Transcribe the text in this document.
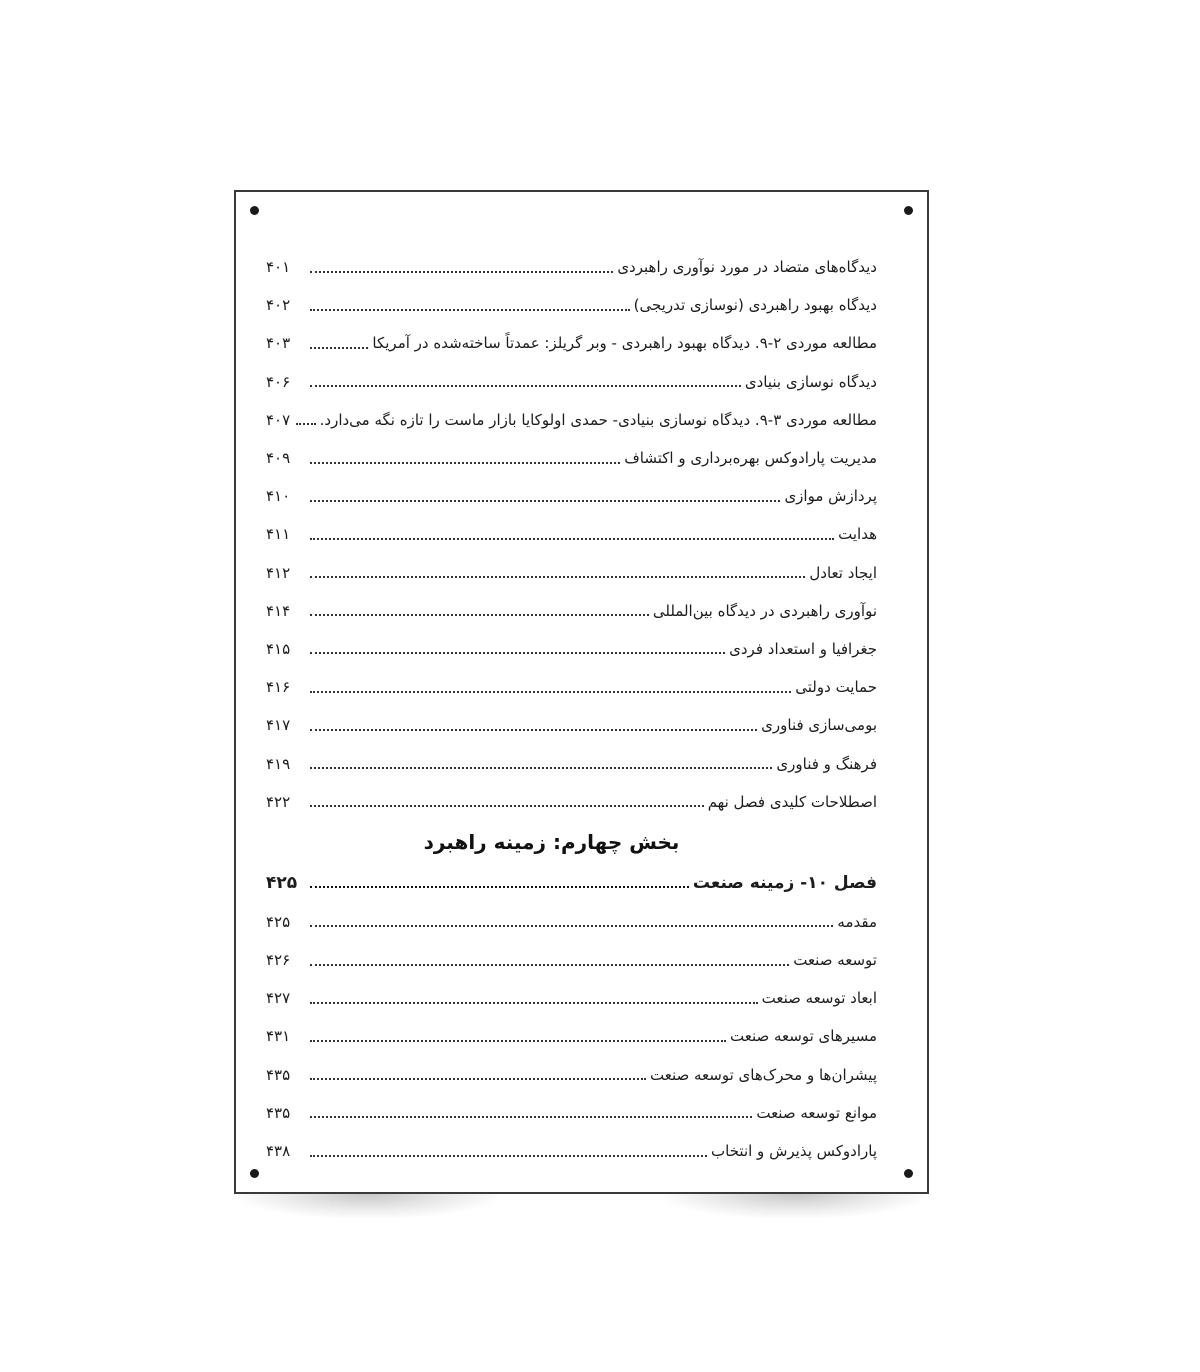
دیدگاه‌های متضاد در مورد نوآوری راهبردی
۴۰۱
دیدگاه بهبود راهبردی (نوسازی تدریجی)
۴۰۲
مطالعه موردی ۲-۹. دیدگاه بهبود راهبردی - وبر گریلز: عمدتاً ساخته‌شده در آمریکا
۴۰۳
دیدگاه نوسازی بنیادی
۴۰۶
مطالعه موردی ۳-۹. دیدگاه نوسازی بنیادی- حمدی اولوکایا بازار ماست را تازه نگه می‌دارد.
۴۰۷
مدیریت پارادوکس بهره‌برداری و اکتشاف
۴۰۹
پردازش موازی
۴۱۰
هدایت
۴۱۱
ایجاد تعادل
۴۱۲
نوآوری راهبردی در دیدگاه بین‌المللی
۴۱۴
جغرافیا و استعداد فردی
۴۱۵
حمایت دولتی
۴۱۶
بومی‌سازی فناوری
۴۱۷
فرهنگ و فناوری
۴۱۹
اصطلاحات کلیدی فصل نهم
۴۲۲
بخش چهارم: زمینه راهبرد
فصل ۱۰- زمینه صنعت
۴۲۵
مقدمه
۴۲۵
توسعه صنعت
۴۲۶
ابعاد توسعه صنعت
۴۲۷
مسیرهای توسعه صنعت
۴۳۱
پیشران‌ها و محرک‌های توسعه صنعت
۴۳۵
موانع توسعه صنعت
۴۳۵
پارادوکس پذیرش و انتخاب
۴۳۸
